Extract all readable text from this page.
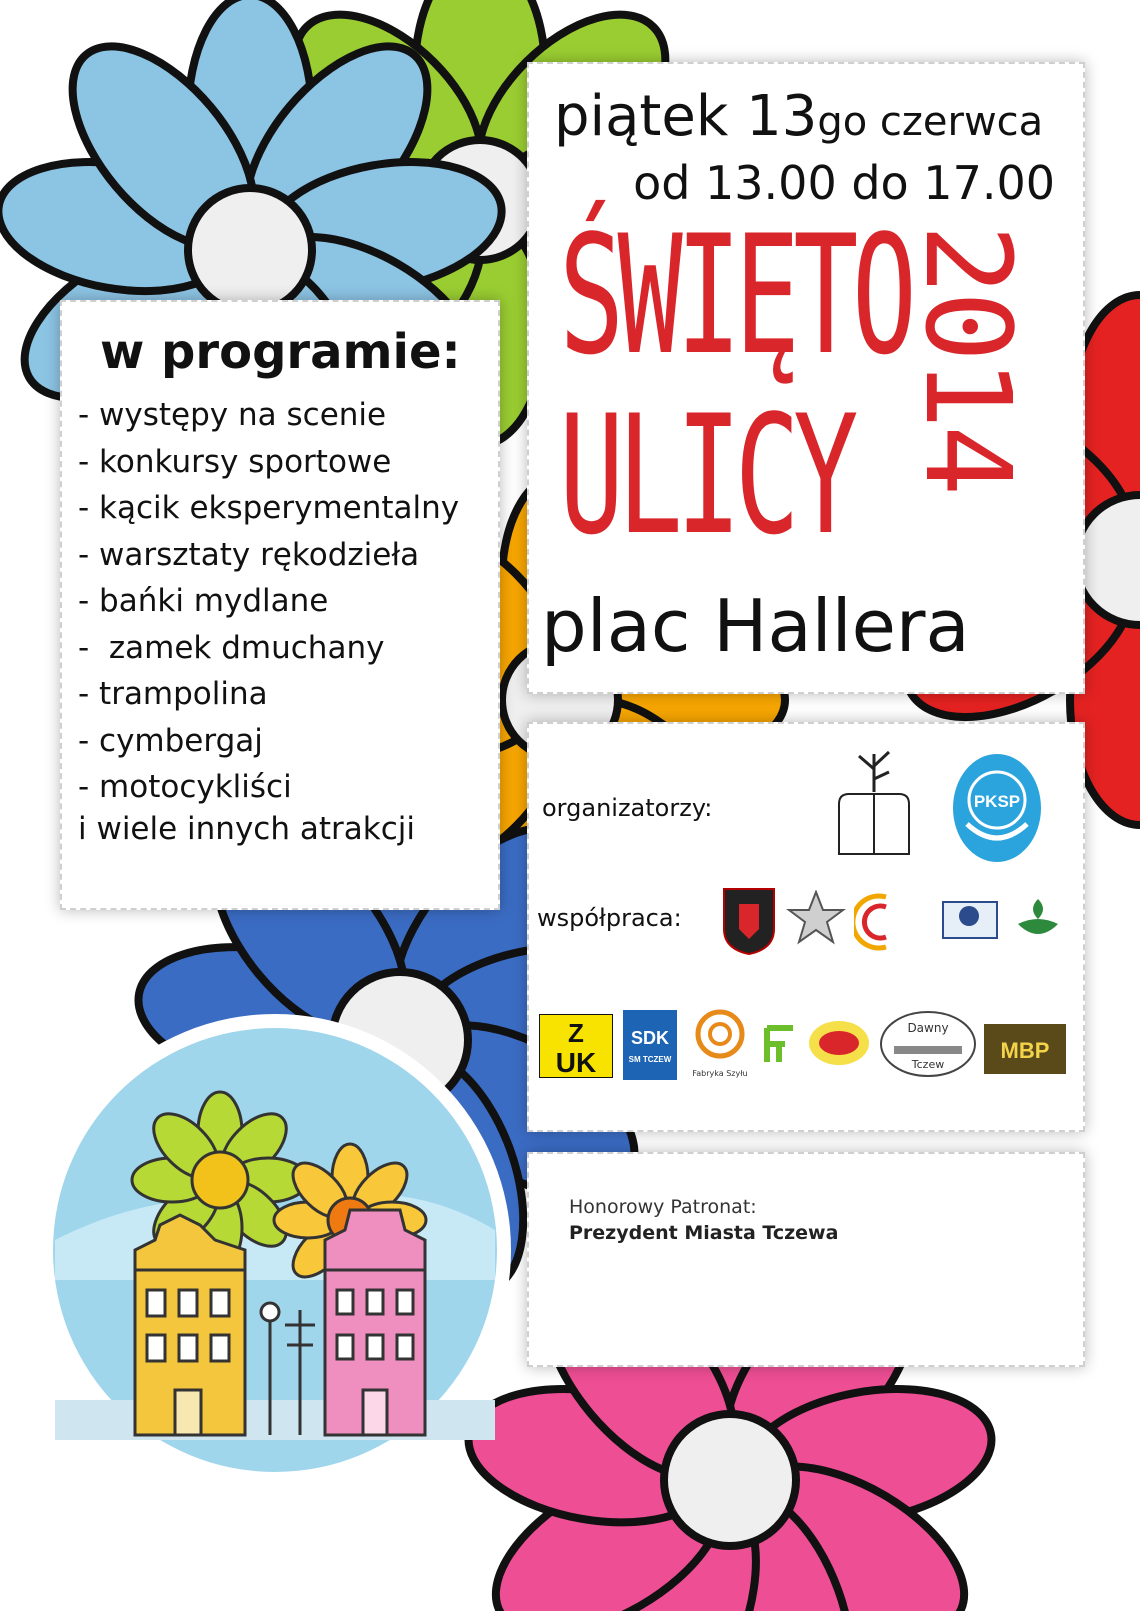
w programie:
- występy na scenie
- konkursy sportowe
- kącik eksperymentalny
- warsztaty rękodzieła
- bańki mydlane
-  zamek dmuchany
- trampolina
- cymbergaj
- motocykliści
i wiele innych atrakcji
piątek 13go czerwca
od 13.00 do 17.00
ŚWIĘTO
ULICY 2014
plac Hallera
organizatorzy:	PKSP
współpraca:
Z
UK
SDK
SM TCZEW
Fabryka Szyłu
Dawny
Tczew
MBP
Honorowy Patronat:
Prezydent Miasta Tczewa
